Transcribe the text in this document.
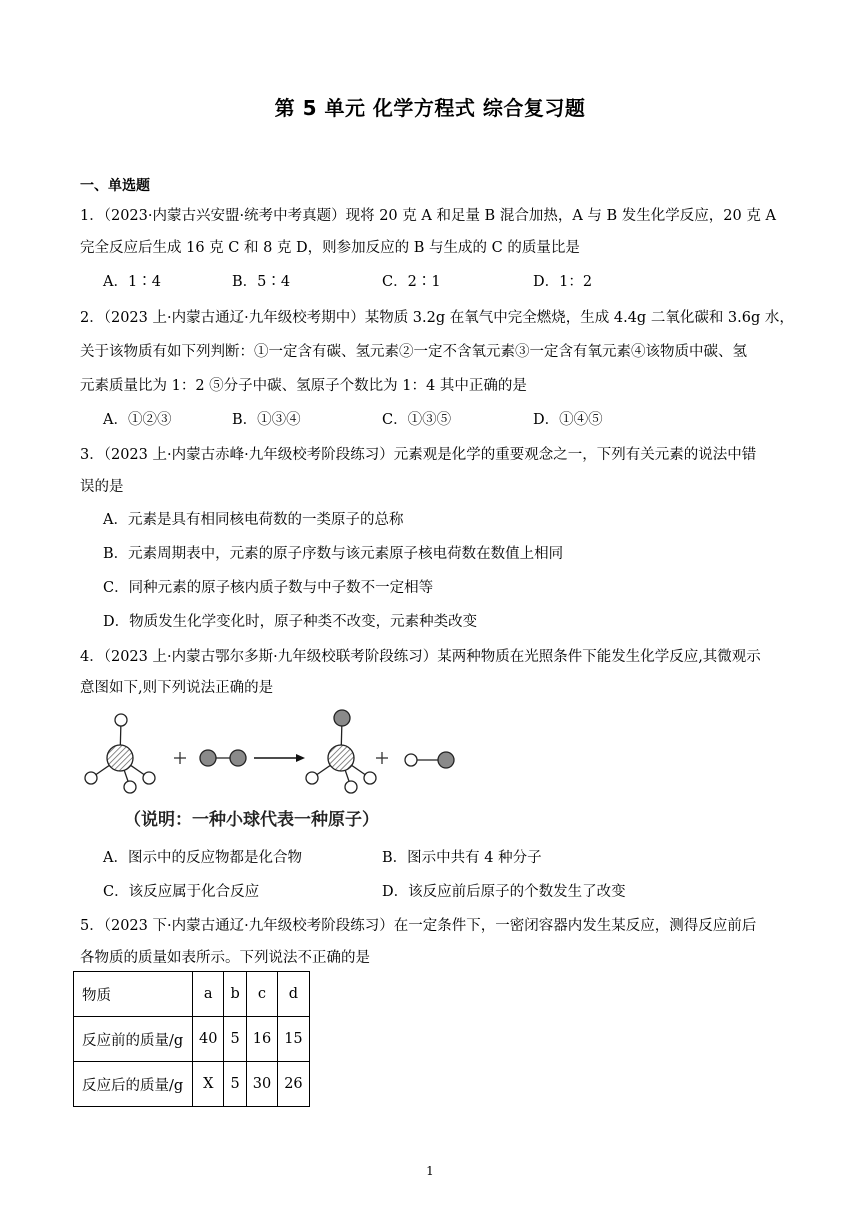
第 5 单元 化学方程式 综合复习题
一、单选题
1．（2023·内蒙古兴安盟·统考中考真题）现将 20 克 A 和足量 B 混合加热，A 与 B 发生化学反应，20 克 A
完全反应后生成 16 克 C 和 8 克 D，则参加反应的 B 与生成的 C 的质量比是
A．1∶4	B．5∶4	C．2∶1	D．1：2
2．（2023 上·内蒙古通辽·九年级校考期中）某物质 3.2g 在氧气中完全燃烧，生成 4.4g 二氧化碳和 3.6g 水，
关于该物质有如下列判断：①一定含有碳、氢元素②一定不含氧元素③一定含有氧元素④该物质中碳、氢
元素质量比为 1：2 ⑤分子中碳、氢原子个数比为 1：4 其中正确的是
A．①②③	B．①③④	C．①③⑤	D．①④⑤
3．（2023 上·内蒙古赤峰·九年级校考阶段练习）元素观是化学的重要观念之一，下列有关元素的说法中错
误的是
A．元素是具有相同核电荷数的一类原子的总称
B．元素周期表中，元素的原子序数与该元素原子核电荷数在数值上相同
C．同种元素的原子核内质子数与中子数不一定相等
D．物质发生化学变化时，原子种类不改变，元素种类改变
4．（2023 上·内蒙古鄂尔多斯·九年级校联考阶段练习）某两种物质在光照条件下能发生化学反应,其微观示
意图如下,则下列说法正确的是
（说明：一种小球代表一种原子）
A．图示中的反应物都是化合物	B．图示中共有 4 种分子
C．该反应属于化合反应	D．该反应前后原子的个数发生了改变
5．（2023 下·内蒙古通辽·九年级校考阶段练习）在一定条件下，一密闭容器内发生某反应，测得反应前后
各物质的质量如表所示。下列说法不正确的是
物质	a	b	c	d
反应前的质量/g	40	5	16	15
反应后的质量/g	X	5	30	26
1
